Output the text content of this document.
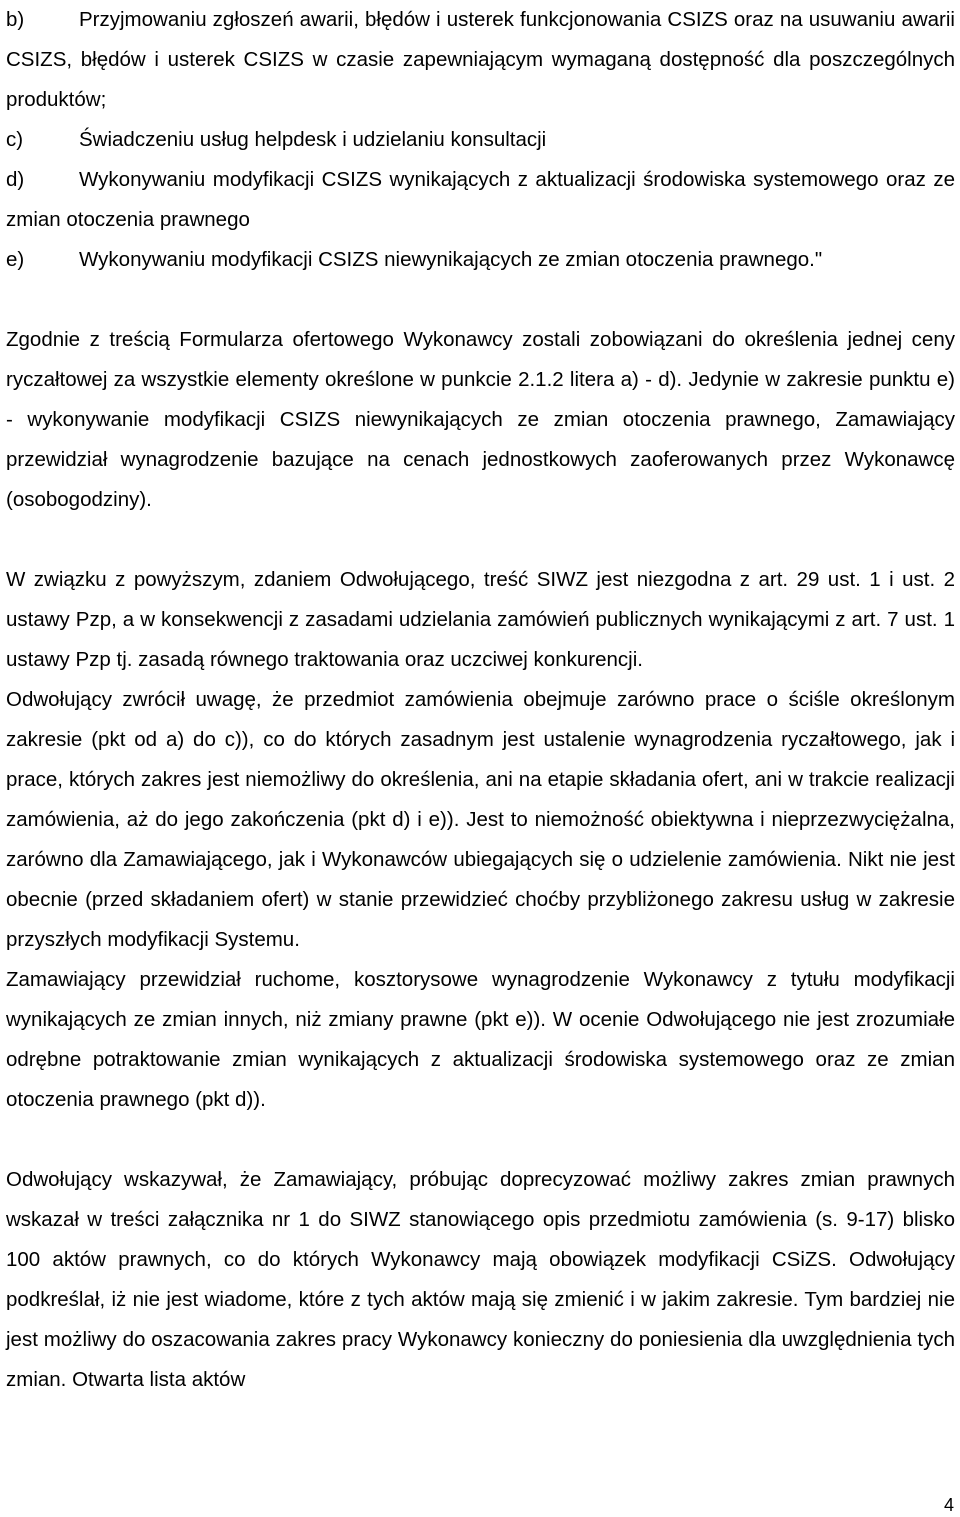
b)	Przyjmowaniu zgłoszeń awarii, błędów i usterek funkcjonowania CSIZS oraz na usuwaniu awarii CSIZS, błędów i usterek CSIZS w czasie zapewniającym wymaganą dostępność dla poszczególnych produktów;
c)	Świadczeniu usług helpdesk i udzielaniu konsultacji
d)	Wykonywaniu modyfikacji CSIZS wynikających z aktualizacji środowiska systemowego oraz ze zmian otoczenia prawnego
e)	Wykonywaniu modyfikacji CSIZS niewynikających ze zmian otoczenia prawnego."

Zgodnie z treścią Formularza ofertowego Wykonawcy zostali zobowiązani do określenia jednej ceny ryczałtowej za wszystkie elementy określone w punkcie 2.1.2 litera a) - d). Jedynie w zakresie punktu e) - wykonywanie modyfikacji CSIZS niewynikających ze zmian otoczenia prawnego, Zamawiający przewidział wynagrodzenie bazujące na cenach jednostkowych zaoferowanych przez Wykonawcę (osobogodziny).

W związku z powyższym, zdaniem Odwołującego, treść SIWZ jest niezgodna z art. 29 ust. 1 i ust. 2 ustawy Pzp, a w konsekwencji z zasadami udzielania zamówień publicznych wynikającymi z art. 7 ust. 1 ustawy Pzp tj. zasadą równego traktowania oraz uczciwej konkurencji.

Odwołujący zwrócił uwagę, że przedmiot zamówienia obejmuje zarówno prace o ściśle określonym zakresie (pkt od a) do c)), co do których zasadnym jest ustalenie wynagrodzenia ryczałtowego, jak i prace, których zakres jest niemożliwy do określenia, ani na etapie składania ofert, ani w trakcie realizacji zamówienia, aż do jego zakończenia (pkt d) i e)). Jest to niemożność obiektywna i nieprzezwyciężalna, zarówno dla Zamawiającego, jak i Wykonawców ubiegających się o udzielenie zamówienia. Nikt nie jest obecnie (przed składaniem ofert) w stanie przewidzieć choćby przybliżonego zakresu usług w zakresie przyszłych modyfikacji Systemu.

Zamawiający przewidział ruchome, kosztorysowe wynagrodzenie Wykonawcy z tytułu modyfikacji wynikających ze zmian innych, niż zmiany prawne (pkt e)). W ocenie Odwołującego nie jest zrozumiałe odrębne potraktowanie zmian wynikających z aktualizacji środowiska systemowego oraz ze zmian otoczenia prawnego (pkt d)).

Odwołujący wskazywał, że Zamawiający, próbując doprecyzować możliwy zakres zmian prawnych wskazał w treści załącznika nr 1 do SIWZ stanowiącego opis przedmiotu zamówienia (s. 9-17) blisko 100 aktów prawnych, co do których Wykonawcy mają obowiązek modyfikacji CSiZS. Odwołujący podkreślał, iż nie jest wiadome, które z tych aktów mają się zmienić i w jakim zakresie. Tym bardziej nie jest możliwy do oszacowania zakres pracy Wykonawcy konieczny do poniesienia dla uwzględnienia tych zmian. Otwarta lista aktów

4
